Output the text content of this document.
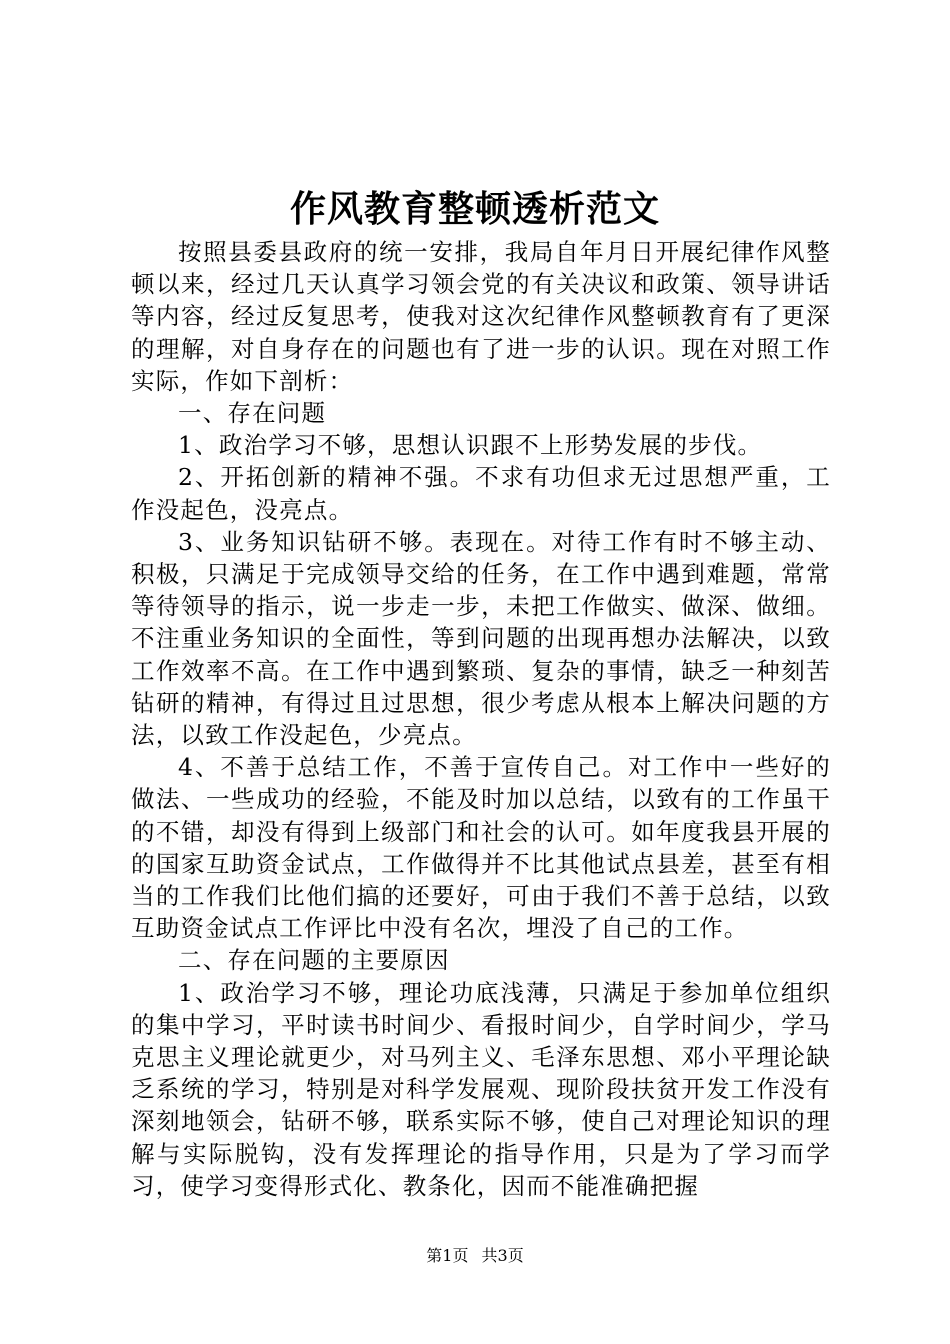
作风教育整顿透析范文

按照县委县政府的统一安排，我局自年月日开展纪律作风整顿以来，经过几天认真学习领会党的有关决议和政策、领导讲话等内容，经过反复思考，使我对这次纪律作风整顿教育有了更深的理解，对自身存在的问题也有了进一步的认识。现在对照工作实际，作如下剖析：

一、存在问题

1、政治学习不够，思想认识跟不上形势发展的步伐。

2、开拓创新的精神不强。不求有功但求无过思想严重，工作没起色，没亮点。

3、业务知识钻研不够。表现在。对待工作有时不够主动、积极，只满足于完成领导交给的任务，在工作中遇到难题，常常等待领导的指示，说一步走一步，未把工作做实、做深、做细。不注重业务知识的全面性，等到问题的出现再想办法解决，以致工作效率不高。在工作中遇到繁琐、复杂的事情，缺乏一种刻苦钻研的精神，有得过且过思想，很少考虑从根本上解决问题的方法，以致工作没起色，少亮点。

4、不善于总结工作，不善于宣传自己。对工作中一些好的做法、一些成功的经验，不能及时加以总结，以致有的工作虽干的不错，却没有得到上级部门和社会的认可。如年度我县开展的的国家互助资金试点，工作做得并不比其他试点县差，甚至有相当的工作我们比他们搞的还要好，可由于我们不善于总结，以致互助资金试点工作评比中没有名次，埋没了自己的工作。

二、存在问题的主要原因

1、政治学习不够，理论功底浅薄，只满足于参加单位组织的集中学习，平时读书时间少、看报时间少，自学时间少，学马克思主义理论就更少，对马列主义、毛泽东思想、邓小平理论缺乏系统的学习，特别是对科学发展观、现阶段扶贫开发工作没有深刻地领会，钻研不够，联系实际不够，使自己对理论知识的理解与实际脱钩，没有发挥理论的指导作用，只是为了学习而学习，使学习变得形式化、教条化，因而不能准确把握

第1页 共3页
